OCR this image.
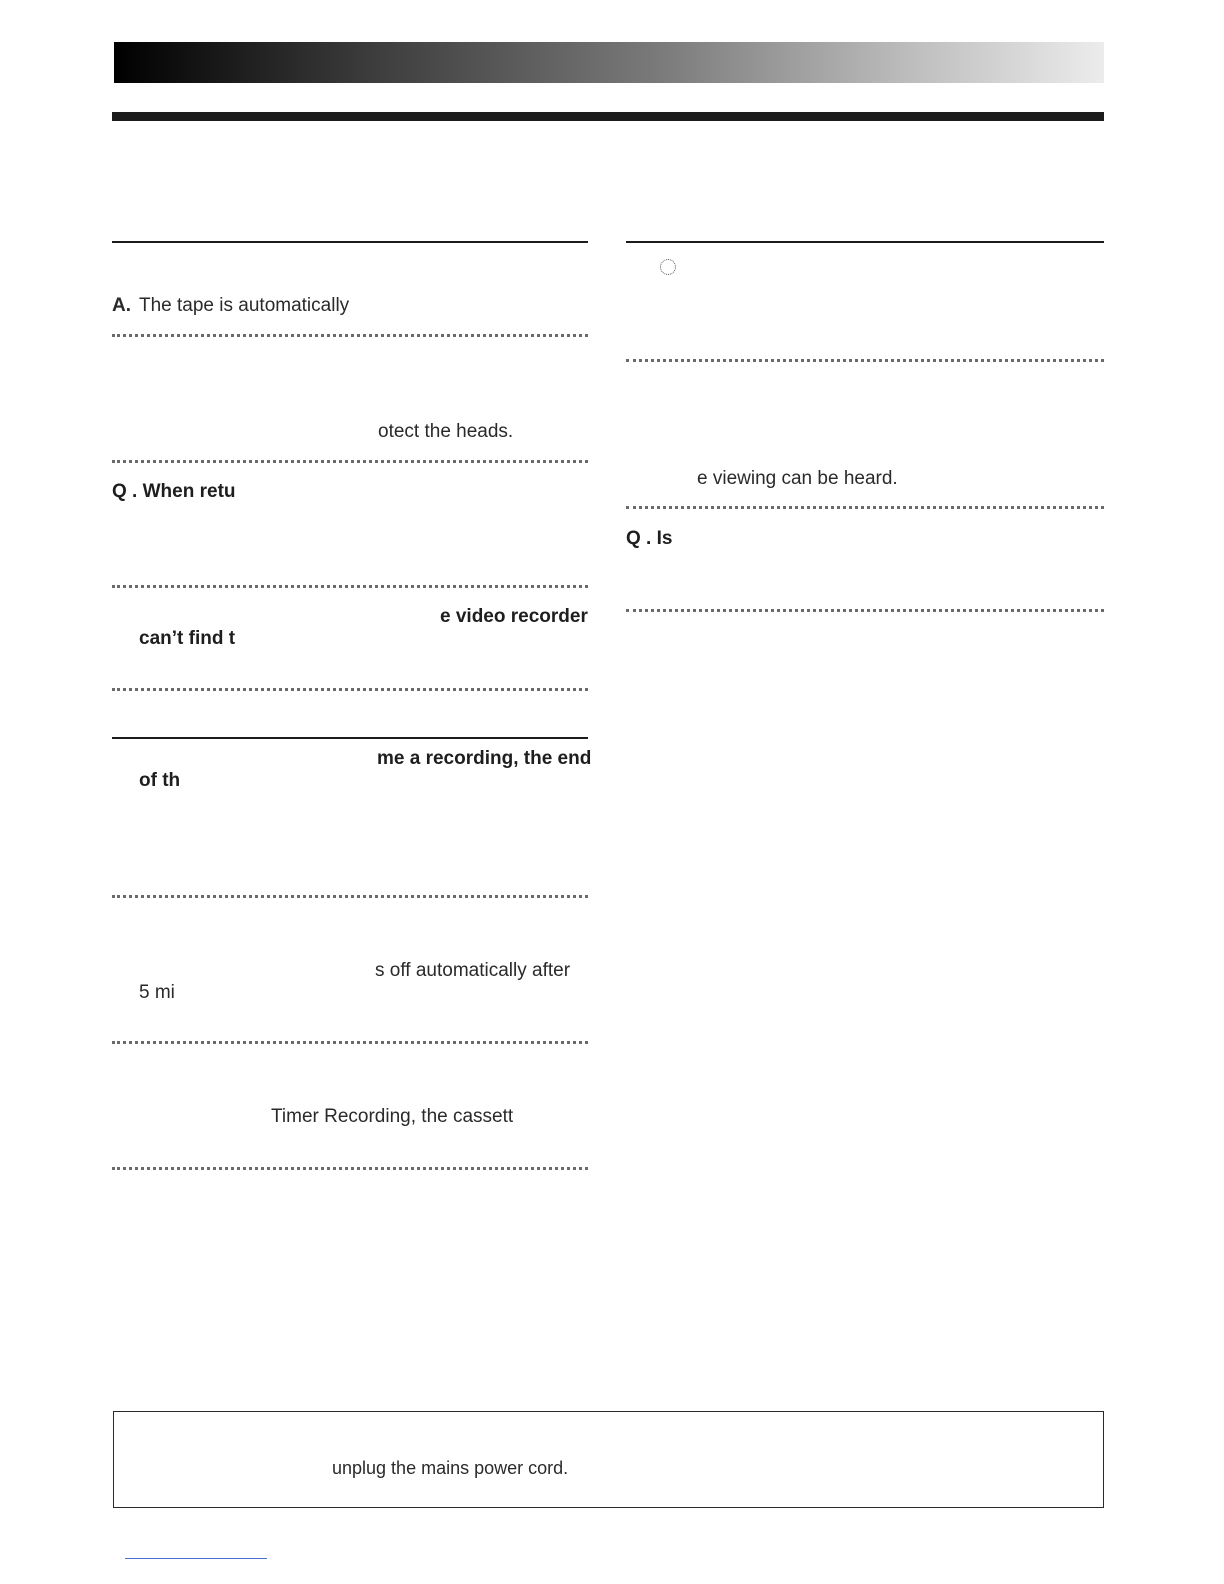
A. The tape is automatically
otect the heads.
Q . When retu
e video recorder
can’t find t
me a recording, the end
of th
s off automatically after
5 mi
Timer Recording, the cassett
e viewing can be heard.
Q . Is
unplug the mains power cord.
